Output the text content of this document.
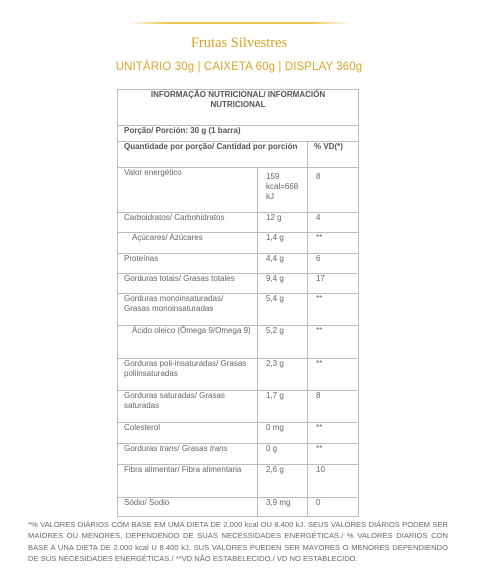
Frutas Silvestres
UNITÁRIO 30g | CAIXETA 60g | DISPLAY 360g
INFORMAÇÃO NUTRICIONAL/ INFORMACIÓN NUTRICIONAL		
Porção/ Porción: 30 g (1 barra)		
Quantidade por porção/ Cantidad por porción		% VD(*)
Valor energético	159 kcal=668 kJ	8
Carboidratos/ Carbohidratos	12 g	4
Açúcares/ Azúcares	1,4 g	**
Proteínas	4,4 g	6
Gorduras totais/ Grasas totales	9,4 g	17
Gorduras monoinsaturadas/ Grasas monoinsaturadas	5,4 g	**
Ácido oleico (Ômega 9/Omega 9)	5,2 g	**
Gorduras poli-insaturadas/ Grasas poliinsaturadas	2,3 g	**
Gorduras saturadas/ Grasas saturadas	1,7 g	8
Colesterol	0 mg	**
Gorduras trans/ Grasas trans	0 g	**
Fibra alimentar/ Fibra alimentaria	2,6 g	10
Sódio/ Sodio	3,9 mg	0

*% VALORES DIÁRIOS COM BASE EM UMA DIETA DE 2.000 kcal OU 8.400 kJ. SEUS VALORES DIÁRIOS PODEM SER MAIORES OU MENORES, DEPENDENDO DE SUAS NECESSIDADES ENERGÉTICAS./ % VALORES DIARIOS CON BASE A UNA DIETA DE 2.000 kcal U 8.400 kJ. SUS VALORES PUEDEN SER MAYORES O MENORES DEPENDIENDO DE SUS NECESIDADES ENERGÉTICAS./ **VD NÃO ESTABELECIDO./ VD NO ESTABLECIDO.
